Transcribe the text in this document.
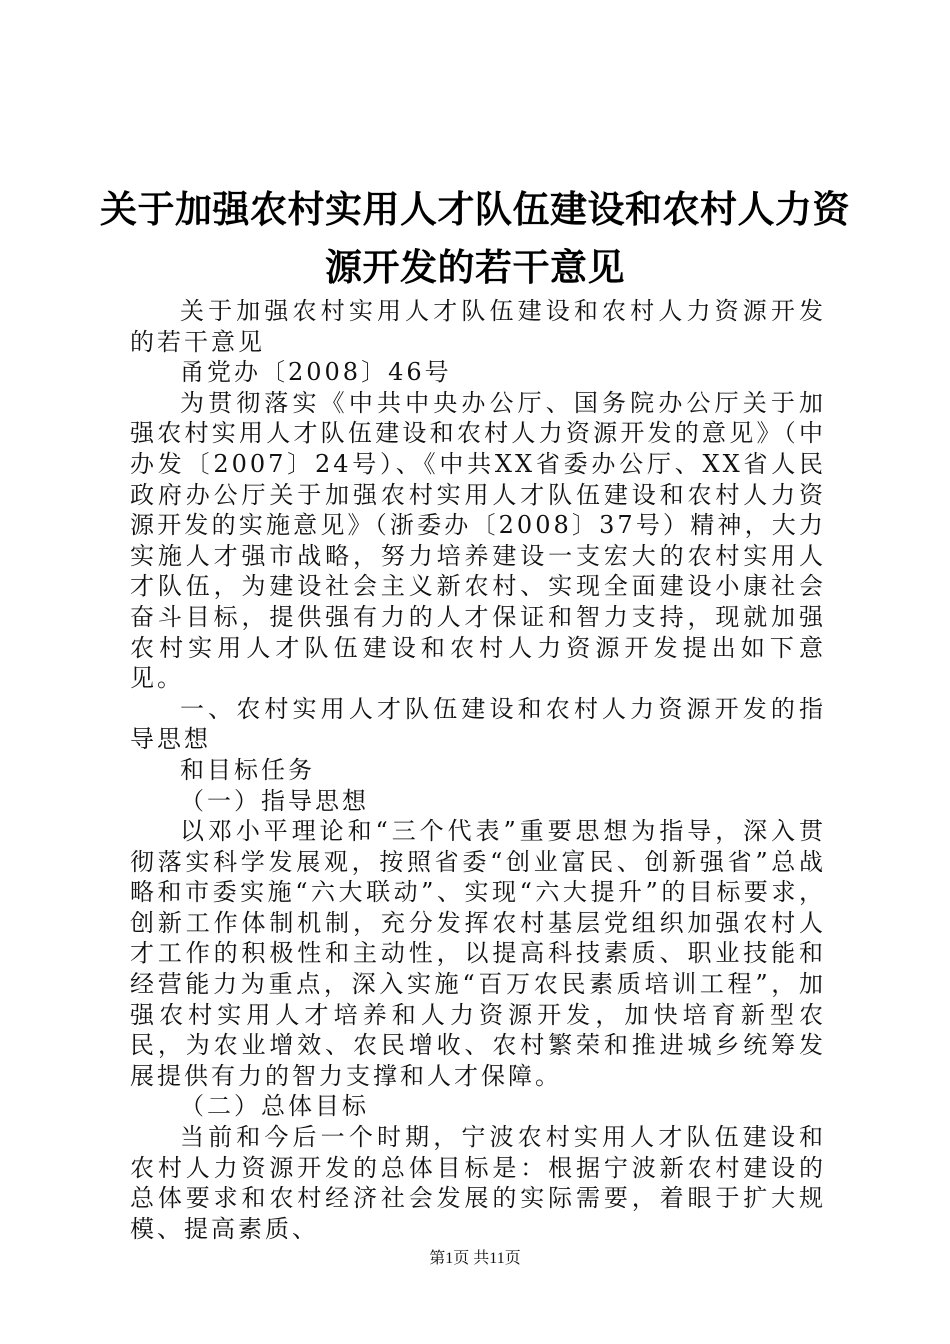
关于加强农村实用人才队伍建设和农村人力资
源开发的若干意见

关于加强农村实用人才队伍建设和农村人力资源开发的若干意见

甬党办〔2008〕46号

为贯彻落实《中共中央办公厅、国务院办公厅关于加强农村实用人才队伍建设和农村人力资源开发的意见》（中办发〔2007〕24号）、《中共XX省委办公厅、XX省人民政府办公厅关于加强农村实用人才队伍建设和农村人力资源开发的实施意见》（浙委办〔2008〕37号）精神，大力实施人才强市战略，努力培养建设一支宏大的农村实用人才队伍，为建设社会主义新农村、实现全面建设小康社会奋斗目标，提供强有力的人才保证和智力支持，现就加强农村实用人才队伍建设和农村人力资源开发提出如下意见。

一、农村实用人才队伍建设和农村人力资源开发的指导思想

和目标任务

（一）指导思想

以邓小平理论和“三个代表”重要思想为指导，深入贯彻落实科学发展观，按照省委“创业富民、创新强省”总战略和市委实施“六大联动”、实现“六大提升”的目标要求，创新工作体制机制，充分发挥农村基层党组织加强农村人才工作的积极性和主动性，以提高科技素质、职业技能和经营能力为重点，深入实施“百万农民素质培训工程”，加强农村实用人才培养和人力资源开发，加快培育新型农民，为农业增效、农民增收、农村繁荣和推进城乡统筹发展提供有力的智力支撑和人才保障。

（二）总体目标

当前和今后一个时期，宁波农村实用人才队伍建设和农村人力资源开发的总体目标是：根据宁波新农村建设的总体要求和农村经济社会发展的实际需要，着眼于扩大规模、提高素质、

第1页 共11页
